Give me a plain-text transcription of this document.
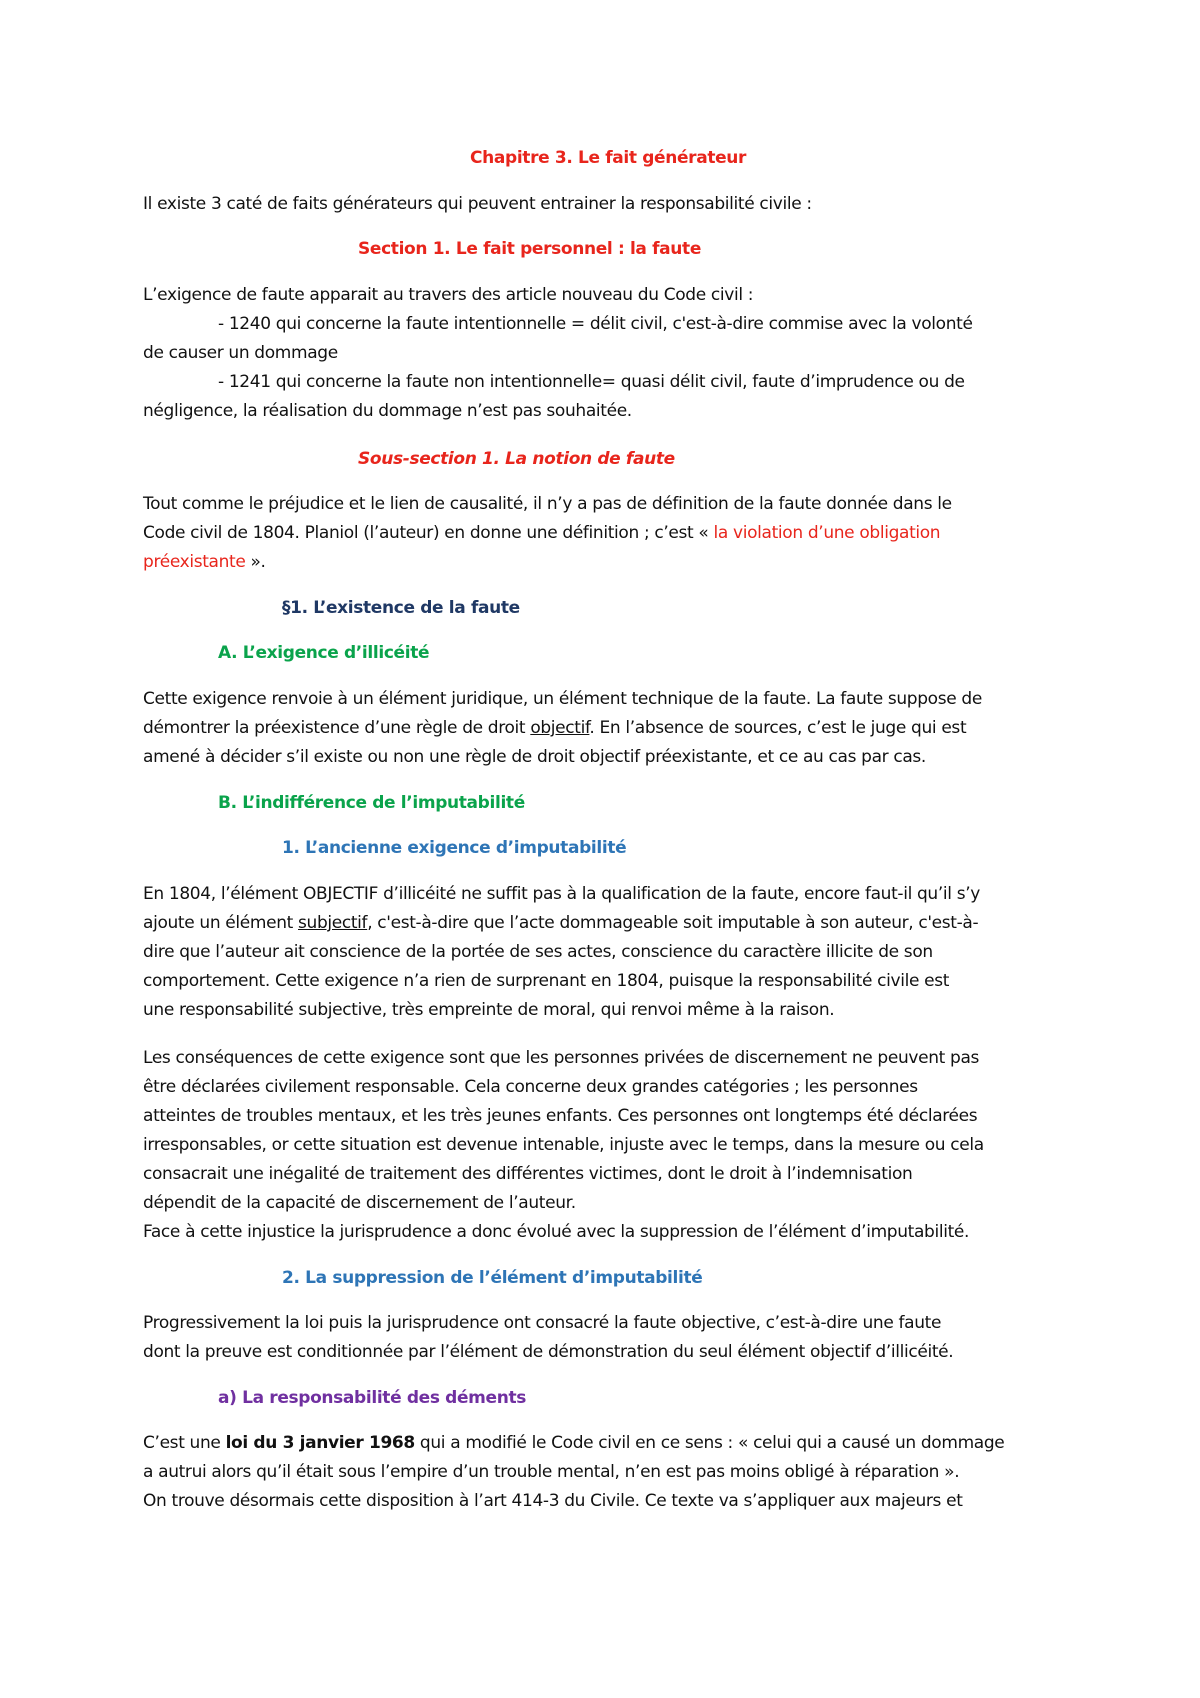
Chapitre 3. Le fait générateur
Il existe 3 caté de faits générateurs qui peuvent entrainer la responsabilité civile :
Section 1. Le fait personnel : la faute
L’exigence de faute apparait au travers des article nouveau du Code civil :
- 1240 qui concerne la faute intentionnelle = délit civil, c'est-à-dire commise avec la volonté
de causer un dommage
- 1241 qui concerne la faute non intentionnelle= quasi délit civil, faute d’imprudence ou de
négligence, la réalisation du dommage n’est pas souhaitée.
Sous-section 1. La notion de faute
Tout comme le préjudice et le lien de causalité, il n’y a pas de définition de la faute donnée dans le
Code civil de 1804. Planiol (l’auteur) en donne une définition ; c’est « la violation d’une obligation
préexistante ».
§1. L’existence de la faute
A. L’exigence d’illicéité
Cette exigence renvoie à un élément juridique, un élément technique de la faute. La faute suppose de
démontrer la préexistence d’une règle de droit objectif. En l’absence de sources, c’est le juge qui est
amené à décider s’il existe ou non une règle de droit objectif préexistante, et ce au cas par cas.
B. L’indifférence de l’imputabilité
1. L’ancienne exigence d’imputabilité
En 1804, l’élément OBJECTIF d’illicéité ne suffit pas à la qualification de la faute, encore faut-il qu’il s’y
ajoute un élément subjectif, c'est-à-dire que l’acte dommageable soit imputable à son auteur, c'est-à-
dire que l’auteur ait conscience de la portée de ses actes, conscience du caractère illicite de son
comportement. Cette exigence n’a rien de surprenant en 1804, puisque la responsabilité civile est
une responsabilité subjective, très empreinte de moral, qui renvoi même à la raison.
Les conséquences de cette exigence sont que les personnes privées de discernement ne peuvent pas
être déclarées civilement responsable. Cela concerne deux grandes catégories ; les personnes
atteintes de troubles mentaux, et les très jeunes enfants. Ces personnes ont longtemps été déclarées
irresponsables, or cette situation est devenue intenable, injuste avec le temps, dans la mesure ou cela
consacrait une inégalité de traitement des différentes victimes, dont le droit à l’indemnisation
dépendit de la capacité de discernement de l’auteur.
Face à cette injustice la jurisprudence a donc évolué avec la suppression de l’élément d’imputabilité.
2. La suppression de l’élément d’imputabilité
Progressivement la loi puis la jurisprudence ont consacré la faute objective, c’est-à-dire une faute
dont la preuve est conditionnée par l’élément de démonstration du seul élément objectif d’illicéité.
a) La responsabilité des déments
C’est une loi du 3 janvier 1968 qui a modifié le Code civil en ce sens : « celui qui a causé un dommage
a autrui alors qu’il était sous l’empire d’un trouble mental, n’en est pas moins obligé à réparation ».
On trouve désormais cette disposition à l’art 414-3 du Civile. Ce texte va s’appliquer aux majeurs et
